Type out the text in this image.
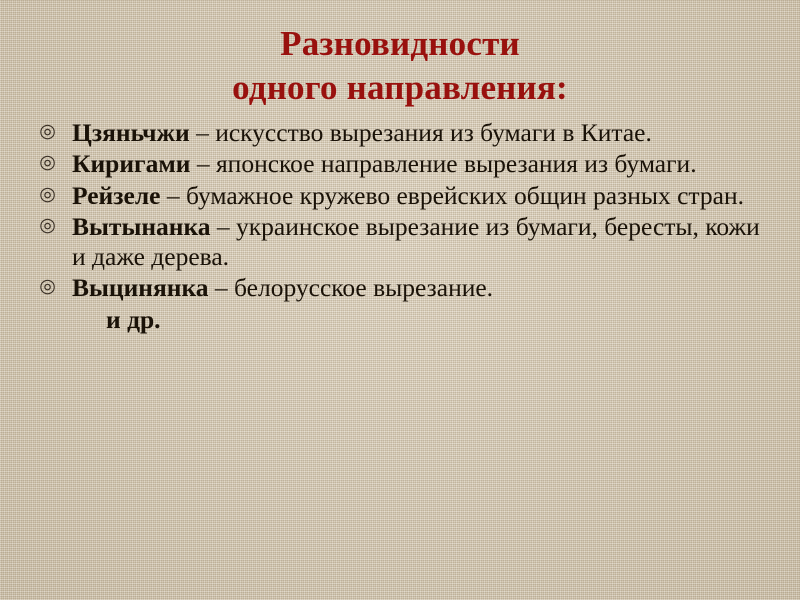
Разновидности
одного направления:
◎ Цзяньчжи – искусство вырезания из бумаги в Китае.
◎ Киригами – японское направление вырезания из бумаги.
◎ Рейзеле – бумажное кружево еврейских общин разных стран.
◎ Вытынанка – украинское вырезание из бумаги, бересты, кожи и даже дерева.
◎ Выцинянка – белорусское вырезание.
и др.
